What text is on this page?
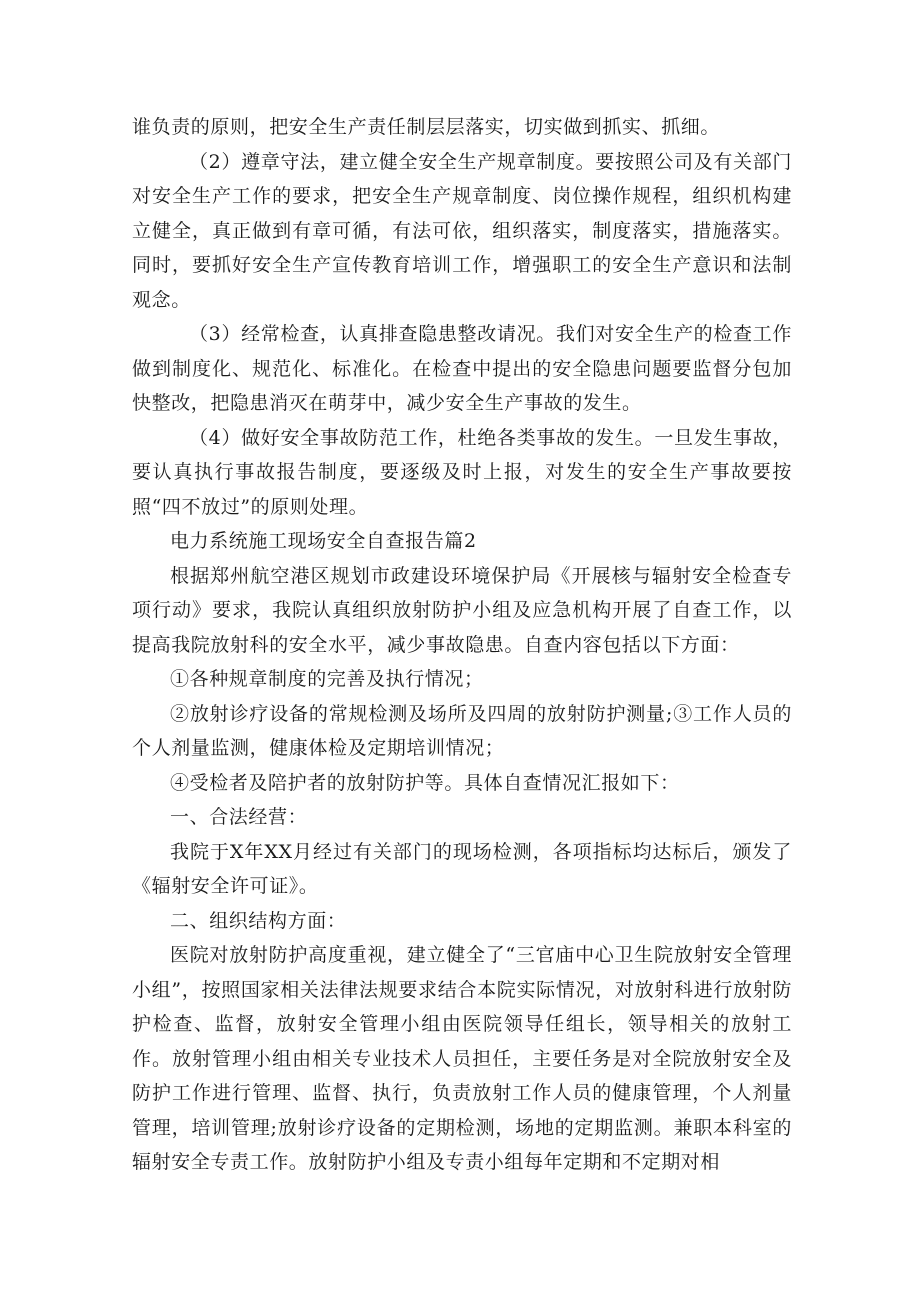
谁负责的原则，把安全生产责任制层层落实，切实做到抓实、抓细。

（2）遵章守法，建立健全安全生产规章制度。要按照公司及有关部门对安全生产工作的要求，把安全生产规章制度、岗位操作规程，组织机构建立健全，真正做到有章可循，有法可依，组织落实，制度落实，措施落实。同时，要抓好安全生产宣传教育培训工作，增强职工的安全生产意识和法制观念。

（3）经常检查，认真排查隐患整改请况。我们对安全生产的检查工作做到制度化、规范化、标准化。在检查中提出的安全隐患问题要监督分包加快整改，把隐患消灭在萌芽中，减少安全生产事故的发生。

（4）做好安全事故防范工作，杜绝各类事故的发生。一旦发生事故，要认真执行事故报告制度，要逐级及时上报，对发生的安全生产事故要按照“四不放过”的原则处理。

电力系统施工现场安全自查报告篇2

根据郑州航空港区规划市政建设环境保护局《开展核与辐射安全检查专项行动》要求，我院认真组织放射防护小组及应急机构开展了自查工作，以提高我院放射科的安全水平，减少事故隐患。自查内容包括以下方面：

①各种规章制度的完善及执行情况；

②放射诊疗设备的常规检测及场所及四周的放射防护测量;③工作人员的个人剂量监测，健康体检及定期培训情况；

④受检者及陪护者的放射防护等。具体自查情况汇报如下：

一、合法经营：

我院于X年XX月经过有关部门的现场检测，各项指标均达标后，颁发了《辐射安全许可证》。

二、组织结构方面：

医院对放射防护高度重视，建立健全了“三官庙中心卫生院放射安全管理小组”，按照国家相关法律法规要求结合本院实际情况，对放射科进行放射防护检查、监督，放射安全管理小组由医院领导任组长，领导相关的放射工作。放射管理小组由相关专业技术人员担任，主要任务是对全院放射安全及防护工作进行管理、监督、执行，负责放射工作人员的健康管理，个人剂量管理，培训管理;放射诊疗设备的定期检测，场地的定期监测。兼职本科室的辐射安全专责工作。放射防护小组及专责小组每年定期和不定期对相
